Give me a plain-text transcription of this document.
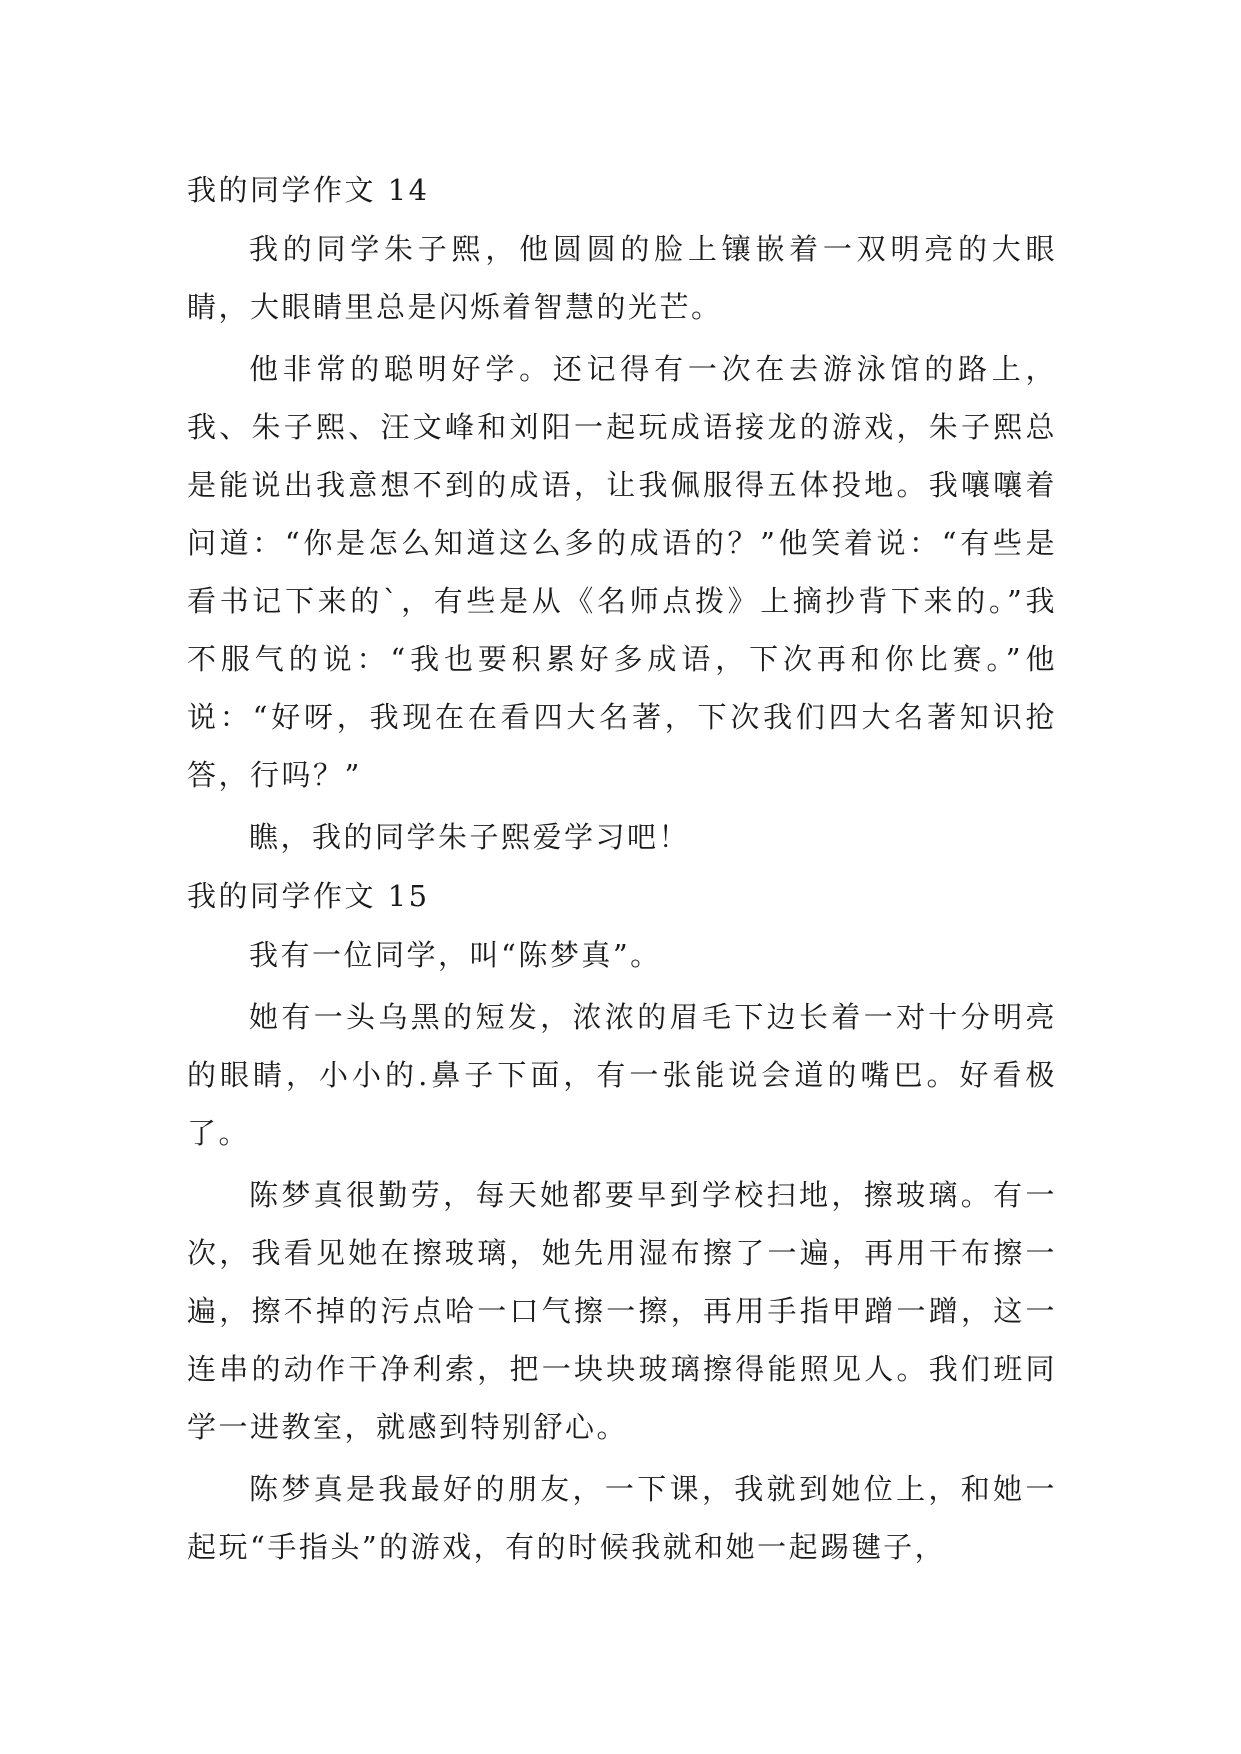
我的同学作文 14

我的同学朱子熙，他圆圆的脸上镶嵌着一双明亮的大眼睛，大眼睛里总是闪烁着智慧的光芒。

他非常的聪明好学。还记得有一次在去游泳馆的路上，我、朱子熙、汪文峰和刘阳一起玩成语接龙的游戏，朱子熙总是能说出我意想不到的成语，让我佩服得五体投地。我嚷嚷着问道：“你是怎么知道这么多的成语的？”他笑着说：“有些是看书记下来的`，有些是从《名师点拨》上摘抄背下来的。”我不服气的说：“我也要积累好多成语，下次再和你比赛。”他说：“好呀，我现在在看四大名著，下次我们四大名著知识抢答，行吗？”

瞧，我的同学朱子熙爱学习吧！

我的同学作文 15

我有一位同学，叫“陈梦真”。

她有一头乌黑的短发，浓浓的眉毛下边长着一对十分明亮的眼睛，小小的.鼻子下面，有一张能说会道的嘴巴。好看极了。

陈梦真很勤劳，每天她都要早到学校扫地，擦玻璃。有一次，我看见她在擦玻璃，她先用湿布擦了一遍，再用干布擦一遍，擦不掉的污点哈一口气擦一擦，再用手指甲蹭一蹭，这一连串的动作干净利索，把一块块玻璃擦得能照见人。我们班同学一进教室，就感到特别舒心。

陈梦真是我最好的朋友，一下课，我就到她位上，和她一起玩“手指头”的游戏，有的时候我就和她一起踢毽子，
